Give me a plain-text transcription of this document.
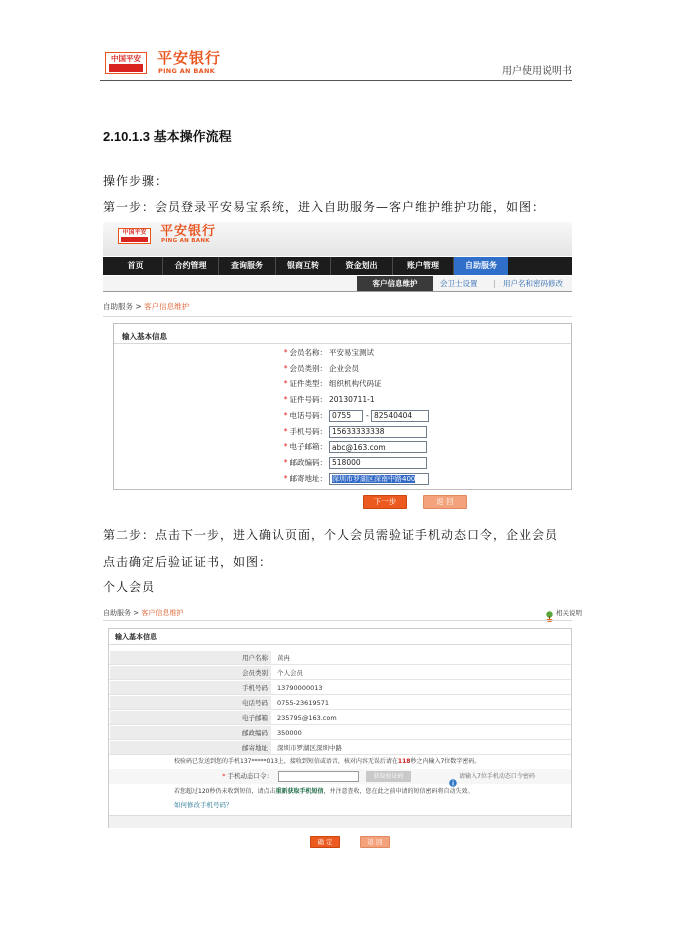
中国平安	平安银行
PING AN BANK	用户使用说明书
2.10.1.3 基本操作流程
操作步骤：
第一步：会员登录平安易宝系统，进入自助服务—客户维护维护功能，如图：
中国平安 平安银行
PING AN BANK
首页	合约管理	查询服务	银商互转	资金划出	账户管理	自助服务
客户信息维护	会卫士设置 | 用户名和密码修改
自助服务 > 客户信息维护
输入基本信息
* 会员名称： 平安易宝测试
* 会员类别： 企业会员
* 证件类型： 组织机构代码证
* 证件号码： 20130711-1
* 电话号码：
0755	-
82540404
* 手机号码：
15633333338
* 电子邮箱：
abc@163.com
* 邮政编码：
518000
* 邮寄地址： 深圳市罗湖区深南中路400
下一步	返 回
第二步：点击下一步，进入确认页面，个人会员需验证手机动态口令，企业会员
点击确定后验证证书，如图：
个人会员
自助服务 > 客户信息维护	相关说明
输入基本信息
用户名称	黄冉
会员类别	个人会员
手机号码	13790000013
电话号码	0755-23619571
电子邮箱	235795@163.com
邮政编码	350000
邮寄地址	深圳市罗湖区深圳中路
校验码已发送到您的手机137*****013上，接收到短信或语音，核对内容无误后请在118秒之内输入7位数字密码。
* 手机动态口令：	获取验证码	请输入7位手机动态口令密码
若您超过120秒仍未收到短信，请点击重新获取手机短信，并注意查收，您在此之前申请的短信密码将自动失效。
如何修改手机号码？
确 定	返 回
